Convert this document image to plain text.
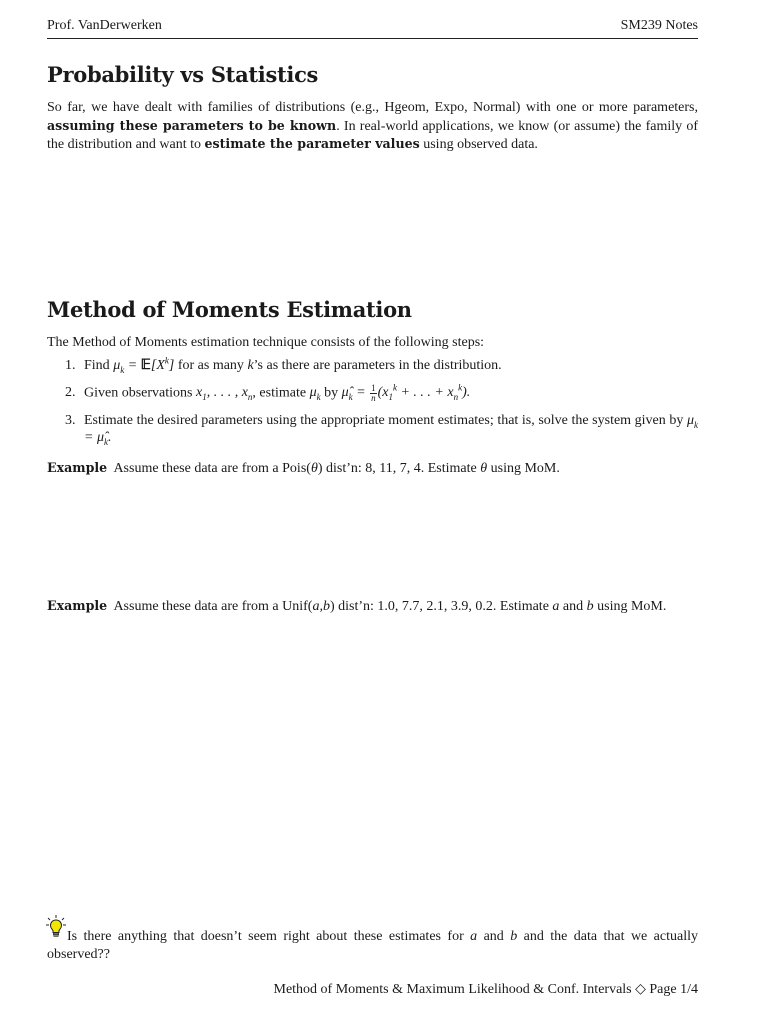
Prof. VanDerwerken	SM239 Notes
Probability vs Statistics
So far, we have dealt with families of distributions (e.g., Hgeom, Expo, Normal) with one or more parameters, assuming these parameters to be known. In real-world applications, we know (or assume) the family of the distribution and want to estimate the parameter values using observed data.
Method of Moments Estimation
The Method of Moments estimation technique consists of the following steps:
1. Find $\mu_k$ = $𝔼[X^k]$ for as many k’s as there are parameters in the distribution.
2. Given observations $x_1$, . . . , $x_n$, estimate $\mu_k$ by $\mû_k = \frac{1}{n} (x_1^k$ + . . . + $x_n^k$).
3. Estimate the desired parameters using the appropriate moment estimates; that is, solve the system given by $\mu_k$ = $\mû_k$.
Example Assume these data are from a Pois(θ) dist’n: 8, 11, 7, 4. Estimate θ using MoM.
Example Assume these data are from a Unif(a,b) dist’n: 1.0, 7.7, 2.1, 3.9, 0.2. Estimate a and b using MoM.
Is there anything that doesn’t seem right about these estimates for a and b and the data that we actually observed??
Method of Moments & Maximum Likelihood & Conf. Intervals ◇ Page 1/4
